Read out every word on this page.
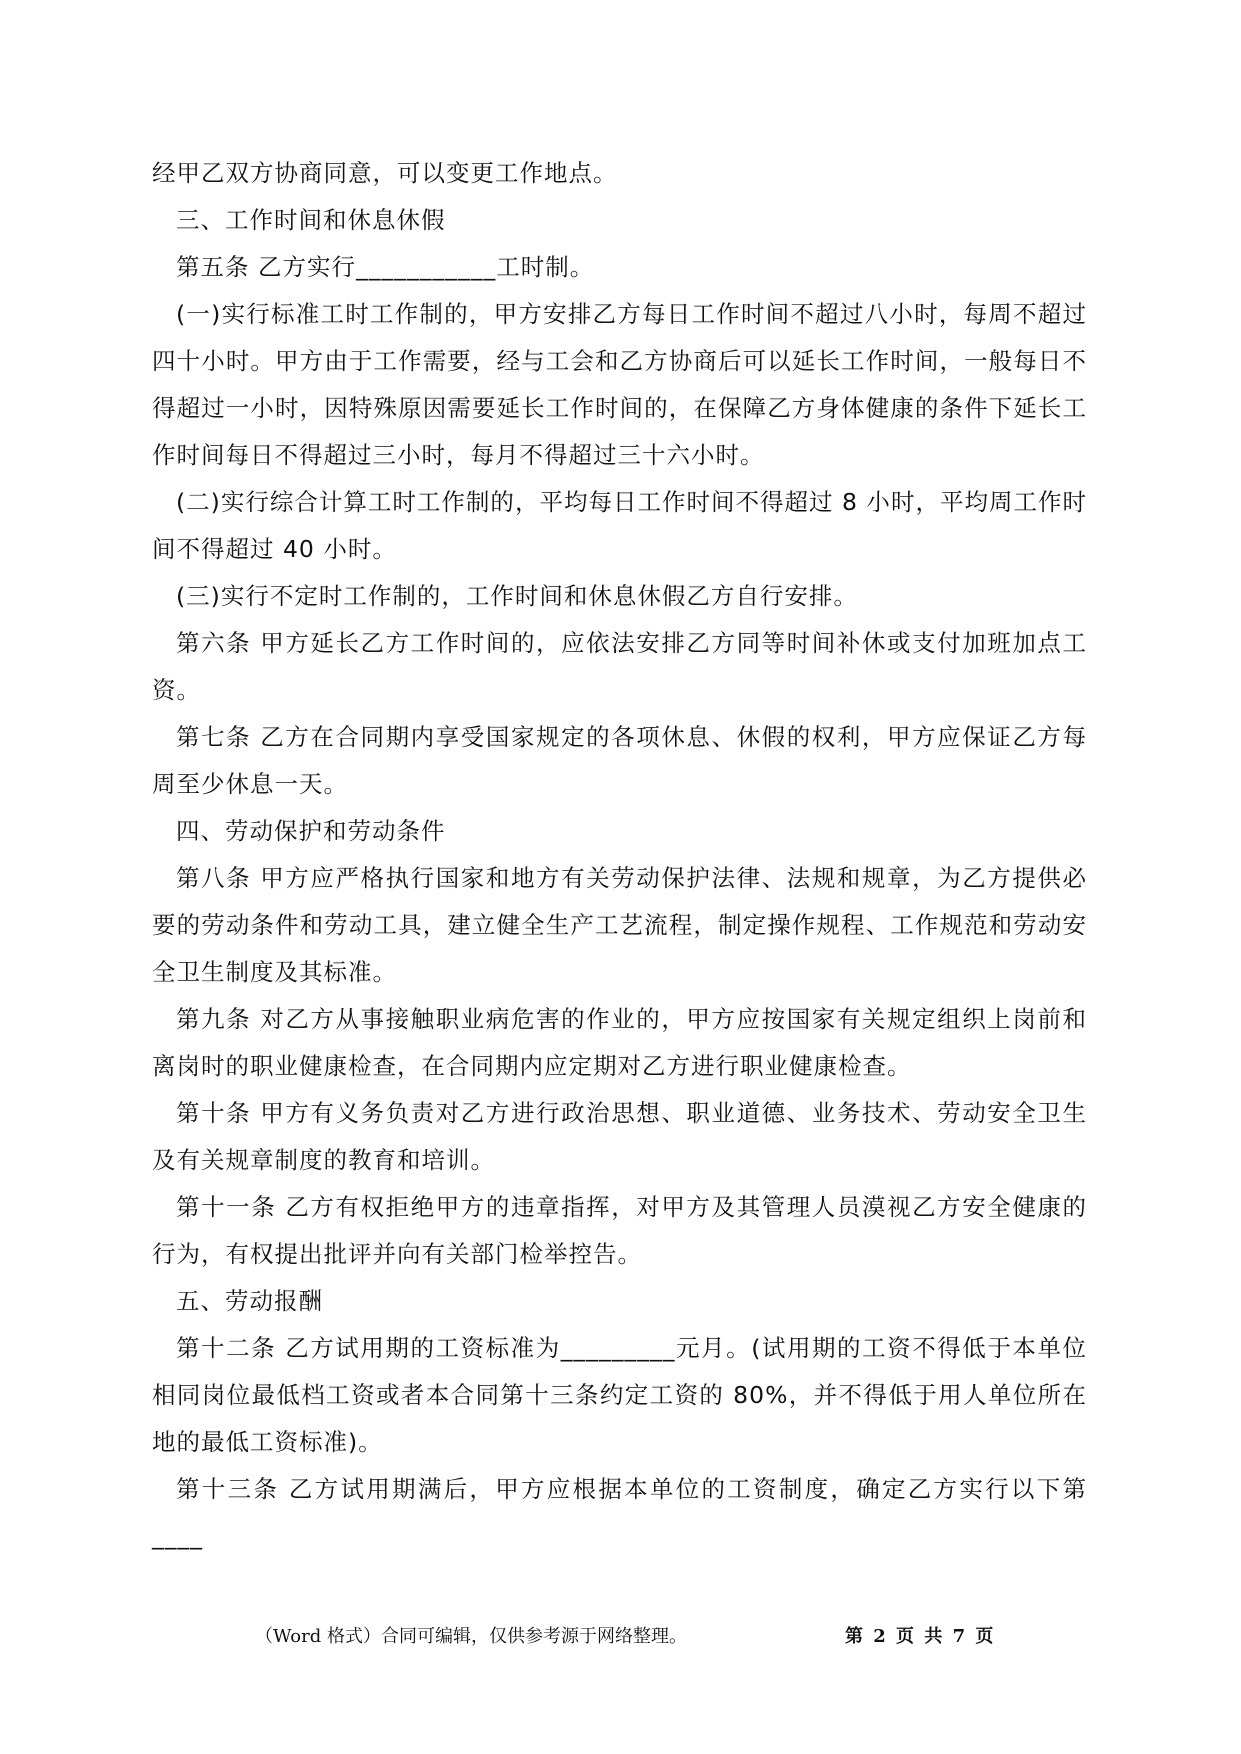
经甲乙双方协商同意，可以变更工作地点。

三、工作时间和休息休假

第五条 乙方实行___________工时制。

(一)实行标准工时工作制的，甲方安排乙方每日工作时间不超过八小时，每周不超过四十小时。甲方由于工作需要，经与工会和乙方协商后可以延长工作时间，一般每日不得超过一小时，因特殊原因需要延长工作时间的，在保障乙方身体健康的条件下延长工作时间每日不得超过三小时，每月不得超过三十六小时。

(二)实行综合计算工时工作制的，平均每日工作时间不得超过 8 小时，平均周工作时间不得超过 40 小时。

(三)实行不定时工作制的，工作时间和休息休假乙方自行安排。

第六条 甲方延长乙方工作时间的，应依法安排乙方同等时间补休或支付加班加点工资。

第七条 乙方在合同期内享受国家规定的各项休息、休假的权利，甲方应保证乙方每周至少休息一天。

四、劳动保护和劳动条件

第八条 甲方应严格执行国家和地方有关劳动保护法律、法规和规章，为乙方提供必要的劳动条件和劳动工具，建立健全生产工艺流程，制定操作规程、工作规范和劳动安全卫生制度及其标准。

第九条 对乙方从事接触职业病危害的作业的，甲方应按国家有关规定组织上岗前和离岗时的职业健康检查，在合同期内应定期对乙方进行职业健康检查。

第十条 甲方有义务负责对乙方进行政治思想、职业道德、业务技术、劳动安全卫生及有关规章制度的教育和培训。

第十一条 乙方有权拒绝甲方的违章指挥，对甲方及其管理人员漠视乙方安全健康的行为，有权提出批评并向有关部门检举控告。

五、劳动报酬

第十二条 乙方试用期的工资标准为_________元月。(试用期的工资不得低于本单位相同岗位最低档工资或者本合同第十三条约定工资的 80%，并不得低于用人单位所在地的最低工资标准)。

第十三条 乙方试用期满后，甲方应根据本单位的工资制度，确定乙方实行以下第____

（Word 格式）合同可编辑，仅供参考源于网络整理。	第 2 页 共 7 页
